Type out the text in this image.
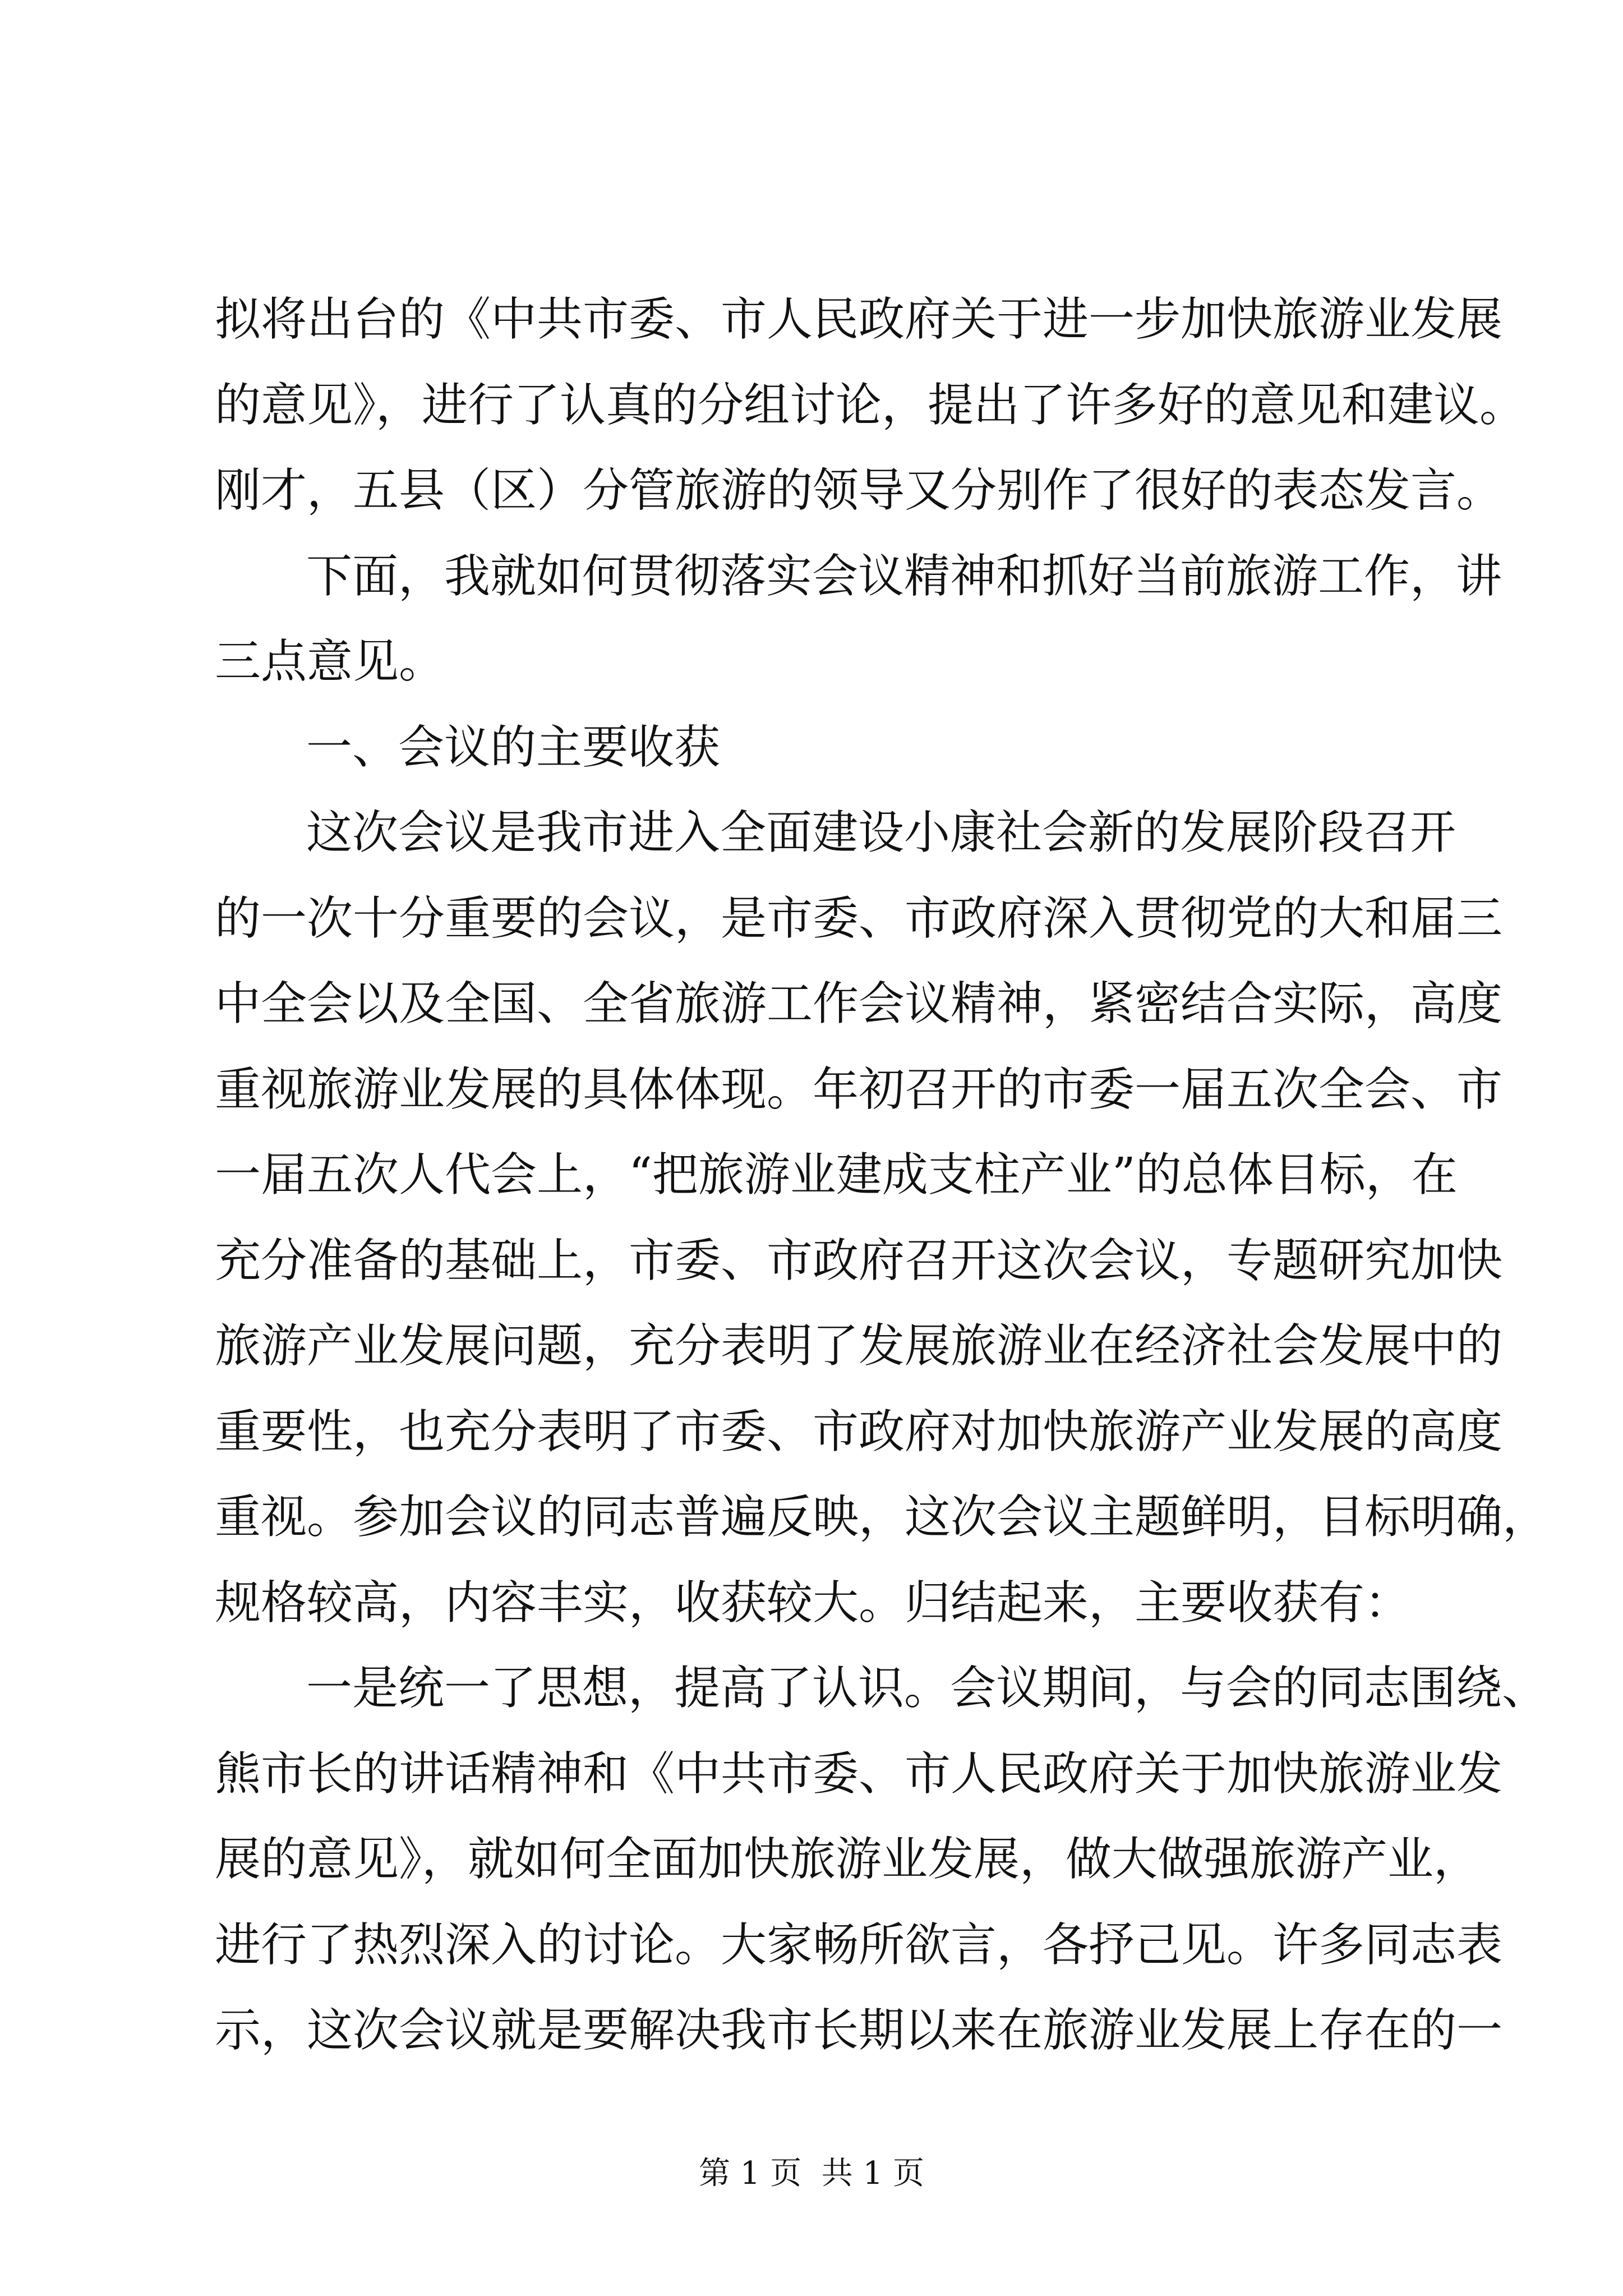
拟将出台的《中共市委、市人民政府关于进一步加快旅游业发展

的意见》，进行了认真的分组讨论，提出了许多好的意见和建议。

刚才，五县（区）分管旅游的领导又分别作了很好的表态发言。

下面，我就如何贯彻落实会议精神和抓好当前旅游工作，讲

三点意见。

一、会议的主要收获

这次会议是我市进入全面建设小康社会新的发展阶段召开

的一次十分重要的会议，是市委、市政府深入贯彻党的大和届三

中全会以及全国、全省旅游工作会议精神，紧密结合实际，高度

重视旅游业发展的具体体现。年初召开的市委一届五次全会、市

一届五次人代会上，“把旅游业建成支柱产业”的总体目标，在

充分准备的基础上，市委、市政府召开这次会议，专题研究加快

旅游产业发展问题，充分表明了发展旅游业在经济社会发展中的

重要性，也充分表明了市委、市政府对加快旅游产业发展的高度

重视。参加会议的同志普遍反映，这次会议主题鲜明，目标明确，

规格较高，内容丰实，收获较大。归结起来，主要收获有：

一是统一了思想，提高了认识。会议期间，与会的同志围绕、

熊市长的讲话精神和《中共市委、市人民政府关于加快旅游业发

展的意见》，就如何全面加快旅游业发展，做大做强旅游产业，

进行了热烈深入的讨论。大家畅所欲言，各抒己见。许多同志表

示，这次会议就是要解决我市长期以来在旅游业发展上存在的一

第 1 页  共 1 页
